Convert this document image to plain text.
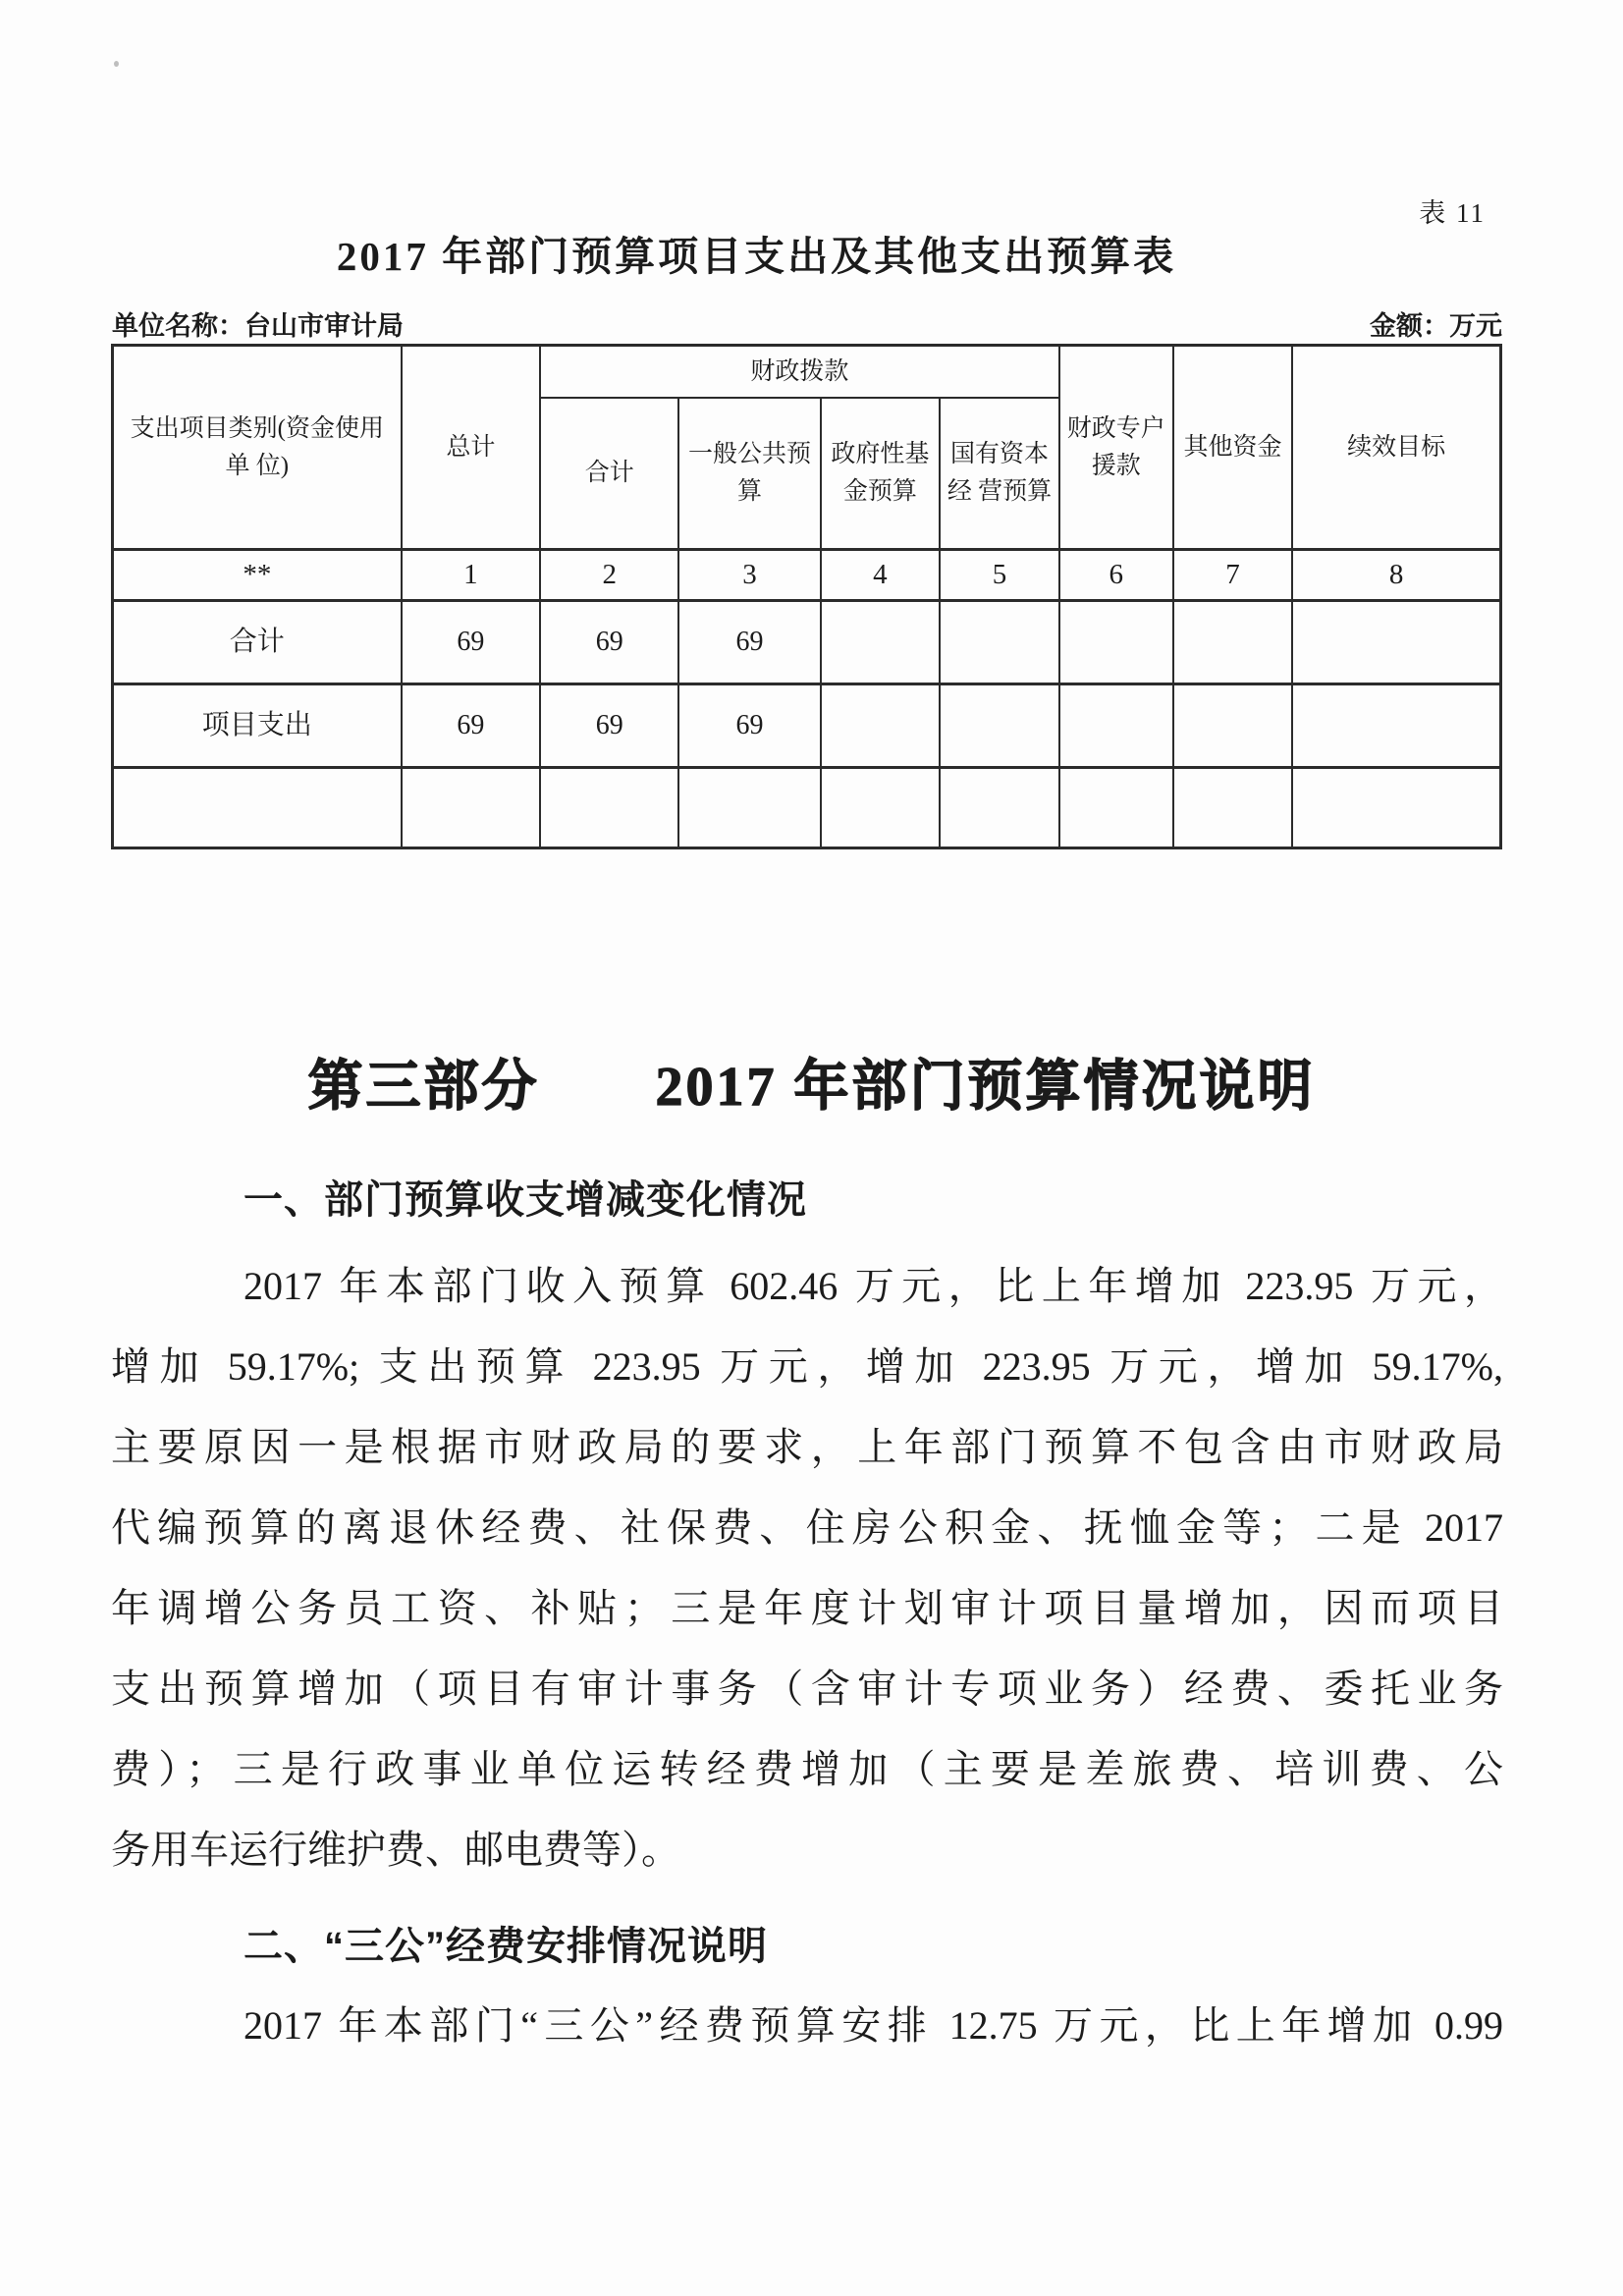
表 11
2017 年部门预算项目支出及其他支出预算表
单位名称：台山市审计局	金额：万元
支出项目类别(资金使用
单 位)	总计	财政拨款				财政专户援款	其他资金	续效目标
		合计	一般公共预算	政府性基金预算	国有资本经 营预算			
**	1	2	3	4	5	6	7	8
合计	69	69	69					
项目支出	69	69	69					

第三部分　　2017 年部门预算情况说明
一、部门预算收支增减变化情况

2017 年本部门收入预算 602.46 万元，比上年增加 223.95 万元，

增加 59.17%; 支出预算 223.95 万元，增加 223.95 万元，增加 59.17%,

主要原因一是根据市财政局的要求，上年部门预算不包含由市财政局

代编预算的离退休经费、社保费、住房公积金、抚恤金等；二是 2017

年调增公务员工资、补贴；三是年度计划审计项目量增加，因而项目

支出预算增加（项目有审计事务（含审计专项业务）经费、委托业务

费）；三是行政事业单位运转经费增加（主要是差旅费、培训费、公

务用车运行维护费、邮电费等）。

二、“三公”经费安排情况说明

2017 年本部门“三公”经费预算安排 12.75 万元，比上年增加 0.99
